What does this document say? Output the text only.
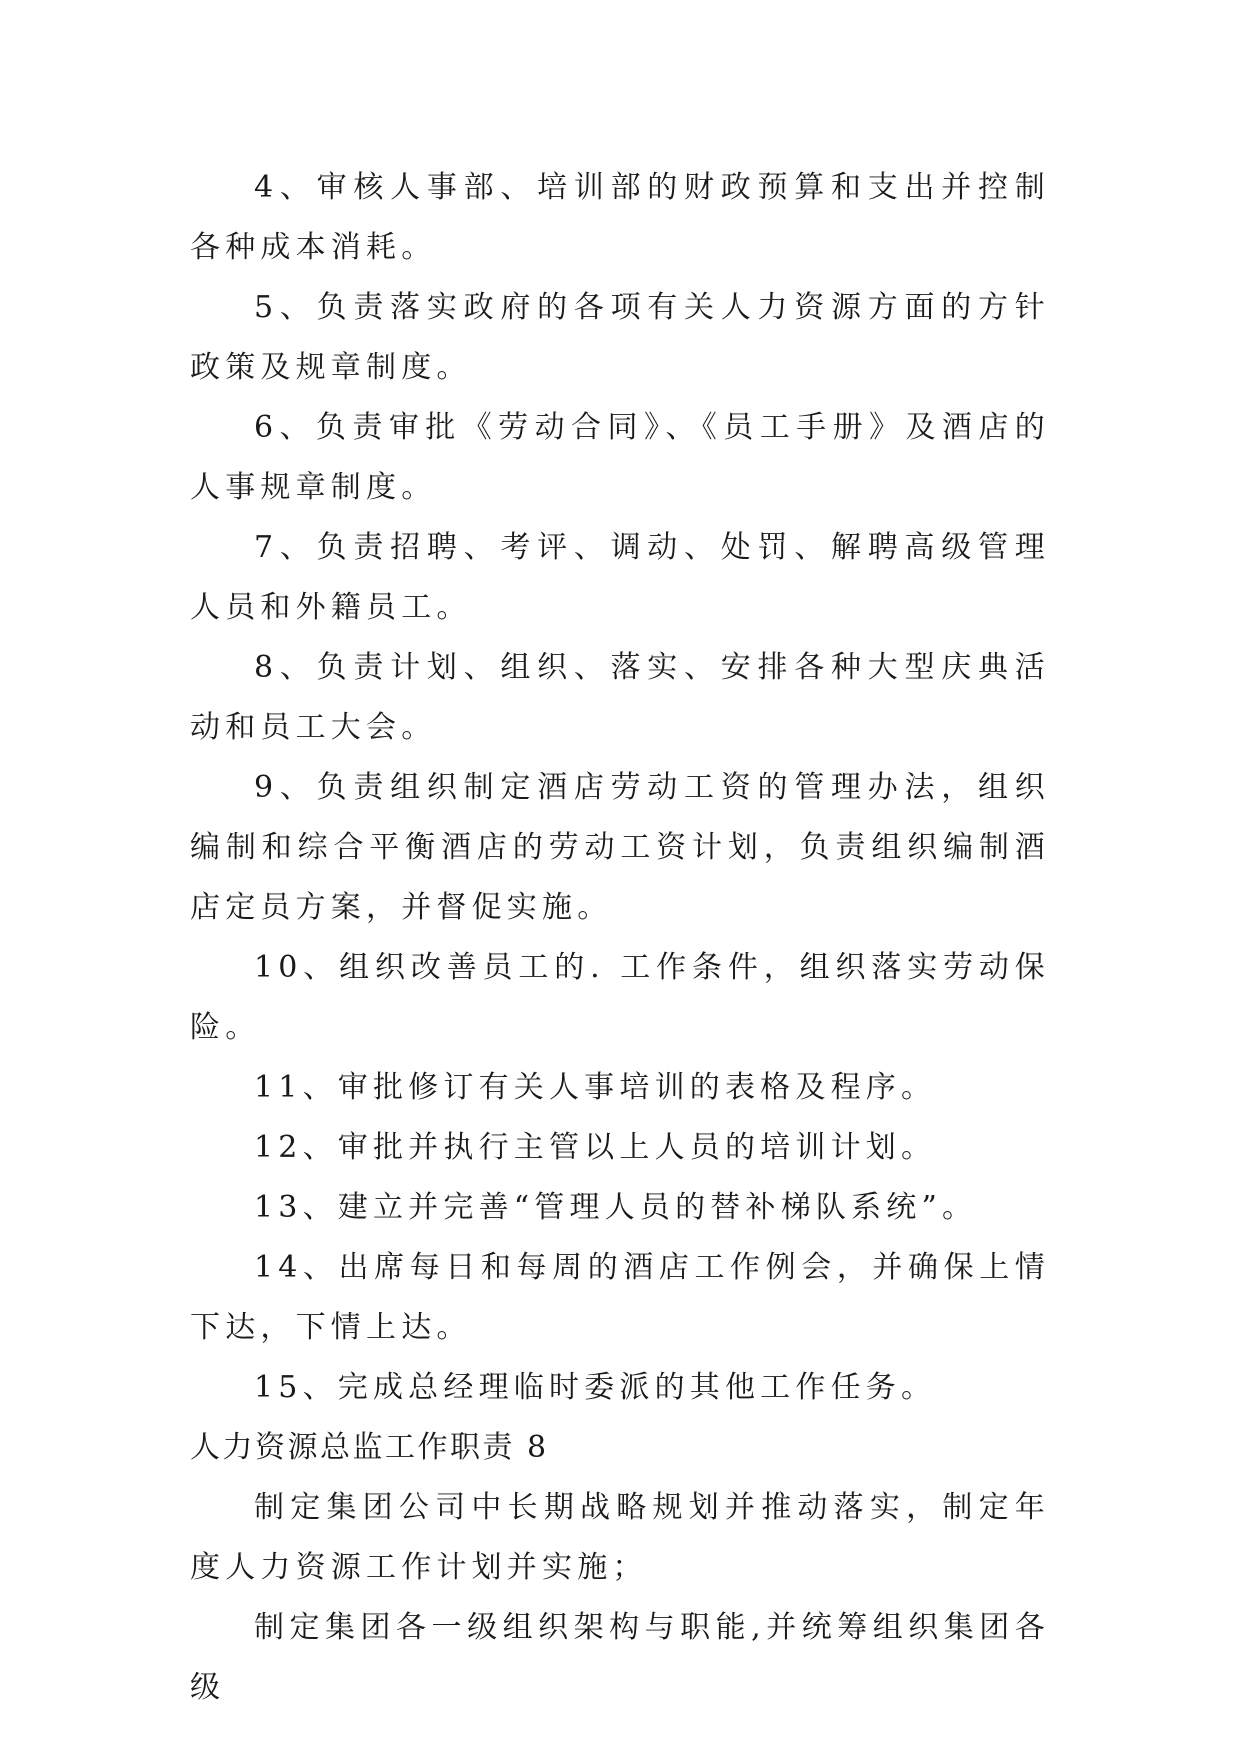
4、审核人事部、培训部的财政预算和支出并控制各种成本消耗。

5、负责落实政府的各项有关人力资源方面的方针政策及规章制度。

6、负责审批《劳动合同》、《员工手册》及酒店的人事规章制度。

7、负责招聘、考评、调动、处罚、解聘高级管理人员和外籍员工。

8、负责计划、组织、落实、安排各种大型庆典活动和员工大会。

9、负责组织制定酒店劳动工资的管理办法，组织编制和综合平衡酒店的劳动工资计划，负责组织编制酒店定员方案，并督促实施。

10、组织改善员工的. 工作条件，组织落实劳动保险。

11、审批修订有关人事培训的表格及程序。

12、审批并执行主管以上人员的培训计划。

13、建立并完善“管理人员的替补梯队系统”。

14、出席每日和每周的酒店工作例会，并确保上情下达，下情上达。

15、完成总经理临时委派的其他工作任务。

人力资源总监工作职责 8

制定集团公司中长期战略规划并推动落实，制定年度人力资源工作计划并实施；

制定集团各一级组织架构与职能,并统筹组织集团各级
